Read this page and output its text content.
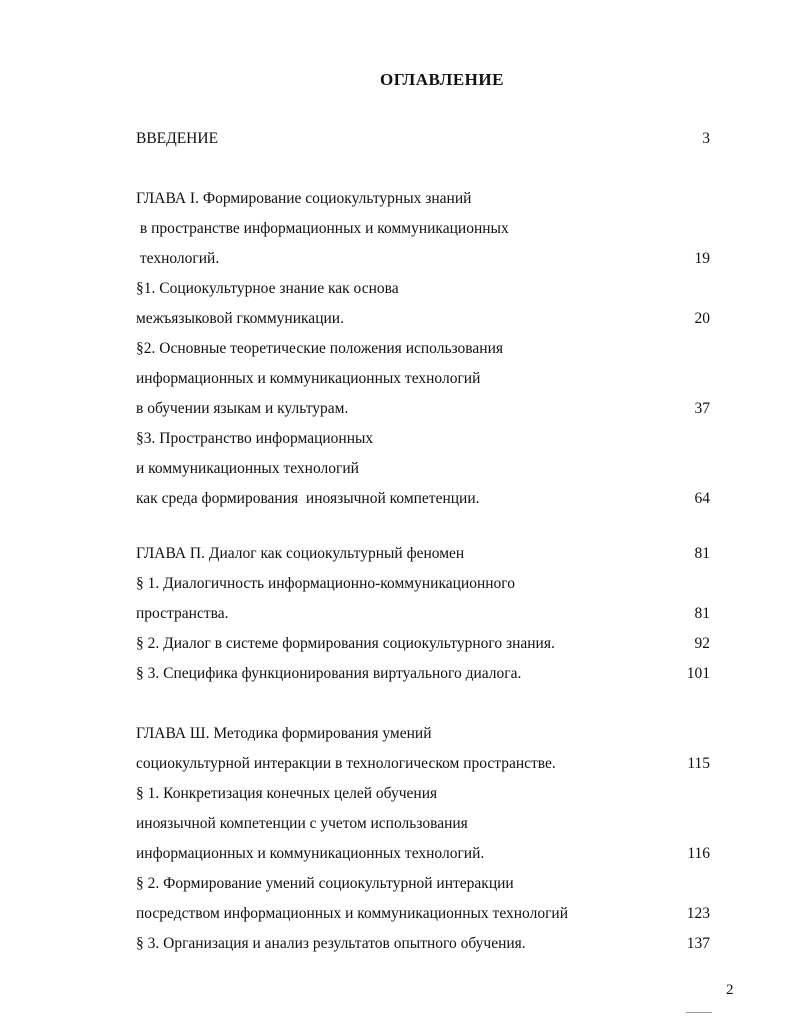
ОГЛАВЛЕНИЕ
ВВЕДЕНИЕ	3
ГЛАВА I. Формирование социокультурных знаний
в пространстве информационных и коммуникационных
технологий.	19
§1. Социокультурное знание как основа
межъязыковой гкоммуникации.	20
§2. Основные теоретические положения использования
информационных и коммуникационных технологий
в обучении языкам и культурам.	37
§3. Пространство информационных
и коммуникационных технологий
как среда формирования  иноязычной компетенции.	64
ГЛАВА П. Диалог как социокультурный феномен	81
§ 1. Диалогичность информационно-коммуникационного
пространства.	81
§ 2. Диалог в системе формирования социокультурного знания.	92
§ 3. Специфика функционирования виртуального диалога.	101
ГЛАВА Ш. Методика формирования умений
социокультурной интеракции в технологическом пространстве.	115
§ 1. Конкретизация конечных целей обучения
иноязычной компетенции с учетом использования
информационных и коммуникационных технологий.	116
§ 2. Формирование умений социокультурной интеракции
посредством информационных и коммуникационных технологий	123
§ 3. Организация и анализ результатов опытного обучения.	137
2
